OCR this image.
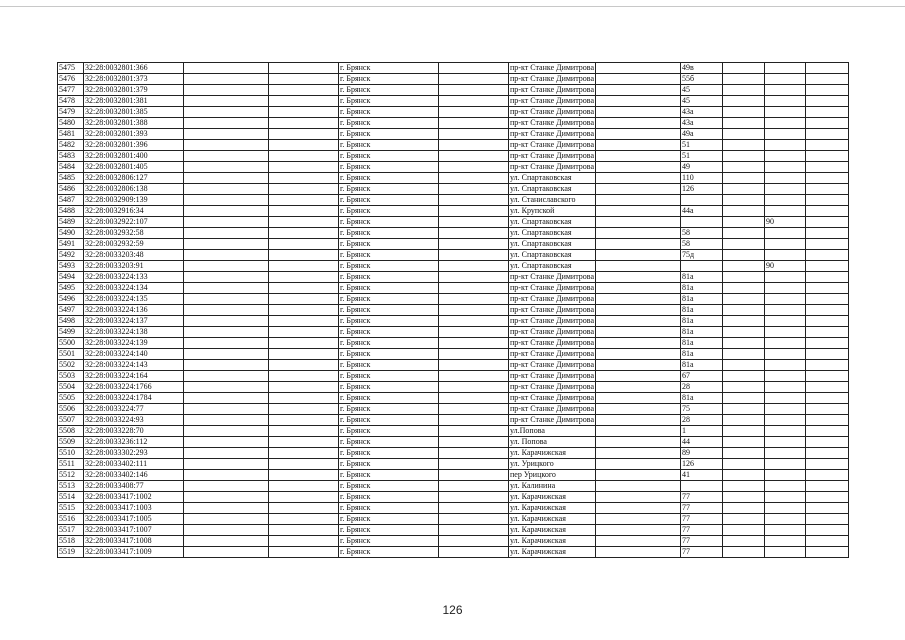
5475	32:28:0032801:366			г. Брянск		пр-кт Станке Димитрова		49в			
5476	32:28:0032801:373			г. Брянск		пр-кт Станке Димитрова		55б			
5477	32:28:0032801:379			г. Брянск		пр-кт Станке Димитрова		45			
5478	32:28:0032801:381			г. Брянск		пр-кт Станке Димитрова		45			
5479	32:28:0032801:385			г. Брянск		пр-кт Станке Димитрова		43а			
5480	32:28:0032801:388			г. Брянск		пр-кт Станке Димитрова		43а			
5481	32:28:0032801:393			г. Брянск		пр-кт Станке Димитрова		49а			
5482	32:28:0032801:396			г. Брянск		пр-кт Станке Димитрова		51			
5483	32:28:0032801:400			г. Брянск		пр-кт Станке Димитрова		51			
5484	32:28:0032801:405			г. Брянск		пр-кт Станке Димитрова		49			
5485	32:28:0032806:127			г. Брянск		ул. Спартаковская		110			
5486	32:28:0032806:138			г. Брянск		ул. Спартаковская		126			
5487	32:28:0032909:139			г. Брянск		ул. Станиславского					
5488	32:28:0032916:34			г. Брянск		ул. Крупской		44а			
5489	32:28:0032922:107			г. Брянск		ул. Спартаковская				90	
5490	32:28:0032932:58			г. Брянск		ул. Спартаковская		58			
5491	32:28:0032932:59			г. Брянск		ул. Спартаковская		58			
5492	32:28:0033203:48			г. Брянск		ул. Спартаковская		75д			
5493	32:28:0033203:91			г. Брянск		ул. Спартаковская				90	
5494	32:28:0033224:133			г. Брянск		пр-кт Станке Димитрова		81а			
5495	32:28:0033224:134			г. Брянск		пр-кт Станке Димитрова		81а			
5496	32:28:0033224:135			г. Брянск		пр-кт Станке Димитрова		81а			
5497	32:28:0033224:136			г. Брянск		пр-кт Станке Димитрова		81а			
5498	32:28:0033224:137			г. Брянск		пр-кт Станке Димитрова		81а			
5499	32:28:0033224:138			г. Брянск		пр-кт Станке Димитрова		81а			
5500	32:28:0033224:139			г. Брянск		пр-кт Станке Димитрова		81а			
5501	32:28:0033224:140			г. Брянск		пр-кт Станке Димитрова		81а			
5502	32:28:0033224:143			г. Брянск		пр-кт Станке Димитрова		81а			
5503	32:28:0033224:164			г. Брянск		пр-кт Станке Димитрова		67			
5504	32:28:0033224:1766			г. Брянск		пр-кт Станке Димитрова		28			
5505	32:28:0033224:1784			г. Брянск		пр-кт Станке Димитрова		81а			
5506	32:28:0033224:77			г. Брянск		пр-кт Станке Димитрова		75			
5507	32:28:0033224:93			г. Брянск		пр-кт Станке Димитрова		28			
5508	32:28:0033228:70			г. Брянск		ул.Попова		1			
5509	32:28:0033236:112			г. Брянск		ул. Попова		44			
5510	32:28:0033302:293			г. Брянск		ул. Карачижская		89			
5511	32:28:0033402:111			г. Брянск		ул. Урицкого		126			
5512	32:28:0033402:146			г. Брянск		пер Урицкого		41			
5513	32:28:0033408:77			г. Брянск		ул. Калинина					
5514	32:28:0033417:1002			г. Брянск		ул. Карачижская		77			
5515	32:28:0033417:1003			г. Брянск		ул. Карачижская		77			
5516	32:28:0033417:1005			г. Брянск		ул. Карачижская		77			
5517	32:28:0033417:1007			г. Брянск		ул. Карачижская		77			
5518	32:28:0033417:1008			г. Брянск		ул. Карачижская		77			
5519	32:28:0033417:1009			г. Брянск		ул. Карачижская		77			
126
